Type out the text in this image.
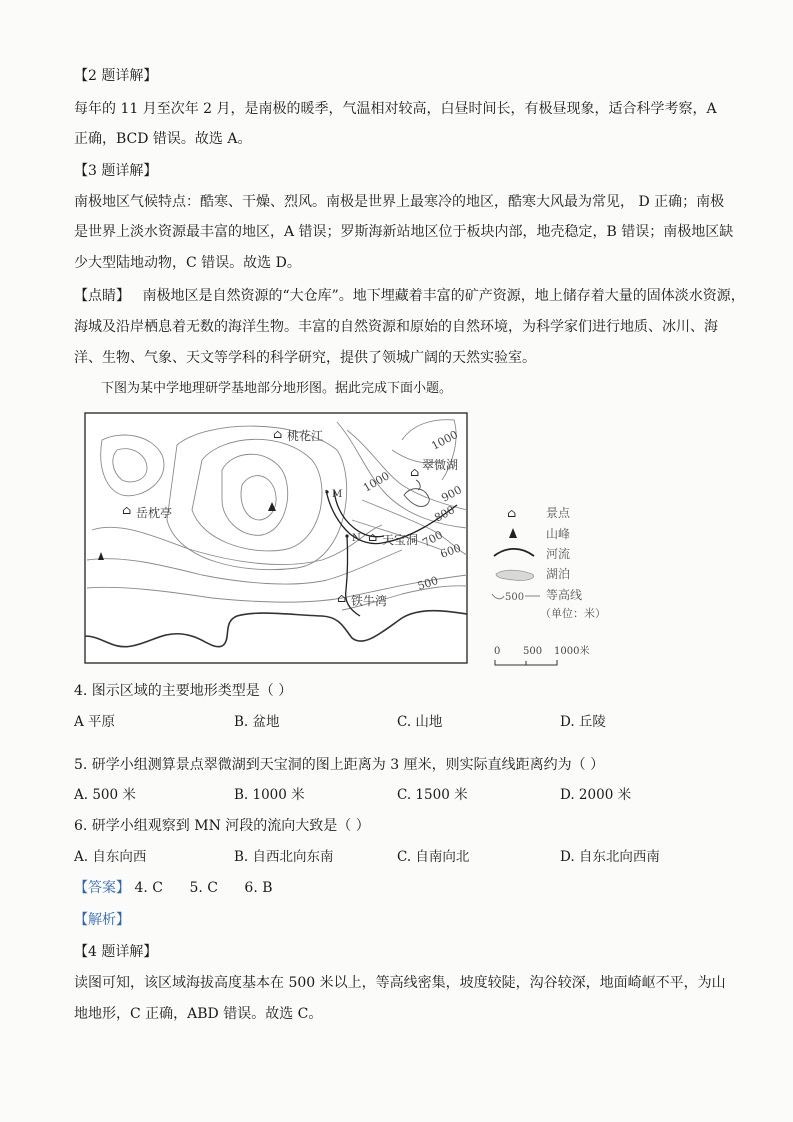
【2 题详解】
每年的 11 月至次年 2 月，是南极的暖季，气温相对较高，白昼时间长，有极昼现象，适合科学考察，A
正确，BCD 错误。故选 A。
【3 题详解】
南极地区气候特点：酷寒、干燥、烈风。南极是世界上最寒冷的地区，酷寒大风最为常见， D 正确；南极
是世界上淡水资源最丰富的地区，A 错误；罗斯海新站地区位于板块内部，地壳稳定，B 错误；南极地区缺
少大型陆地动物，C 错误。故选 D。
【点睛】 南极地区是自然资源的“大仓库”。地下埋藏着丰富的矿产资源，地上储存着大量的固体淡水资源，
海城及沿岸栖息着无数的海洋生物。丰富的自然资源和原始的自然环境，为科学家们进行地质、冰川、海
洋、生物、气象、天文等学科的科学研究，提供了领城广阔的天然实验室。
下图为某中学地理研学基地部分地形图。据此完成下面小题。
1000
1000	900
800
700
600
500
⌂ 桃花江
⌂ 翠微湖
⌂ 岳枕亭
⌂ 天宝洞
⌂ 铁牛湾
M
N
⌂ 景点
山峰
河流
湖泊
500 等高线
（单位：米）
0 500 1000米
4. 图示区域的主要地形类型是（ ）
A 平原	B. 盆地	C. 山地	D. 丘陵
5. 研学小组测算景点翠微湖到天宝洞的图上距离为 3 厘米，则实际直线距离约为（ ）
A. 500 米	B. 1000 米	C. 1500 米	D. 2000 米
6. 研学小组观察到 MN 河段的流向大致是（ ）
A. 自东向西	B. 自西北向东南	C. 自南向北	D. 自东北向西南
【答案】 4. C 5. C 6. B
【解析】
【4 题详解】
读图可知，该区域海拔高度基本在 500 米以上，等高线密集，坡度较陡，沟谷较深，地面崎岖不平，为山
地地形，C 正确，ABD 错误。故选 C。
